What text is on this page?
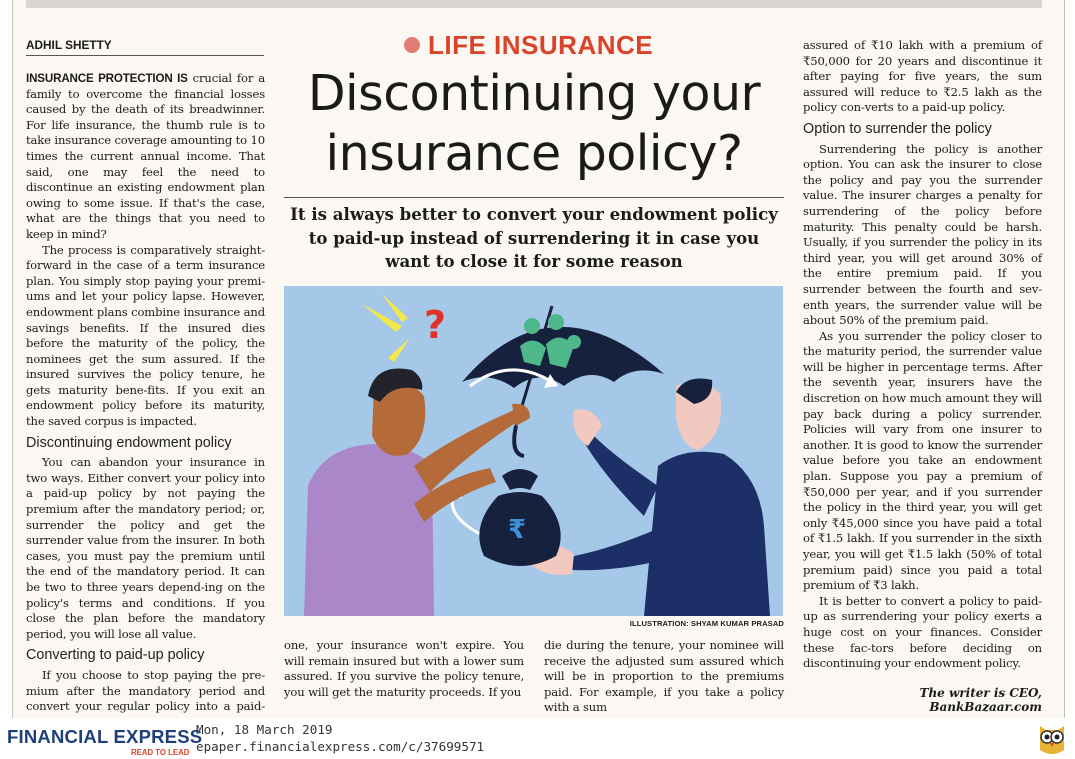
ADHIL SHETTY

INSURANCE PROTECTION IS crucial for a family to overcome the financial losses caused by the death of its breadwinner. For life insurance, the thumb rule is to take insurance coverage amounting to 10 times the current annual income. That said, one may feel the need to discontinue an existing endowment plan owing to some issue. If that's the case, what are the things that you need to keep in mind?

The process is comparatively straight-forward in the case of a term insurance plan. You simply stop paying your premi-ums and let your policy lapse. However, endowment plans combine insurance and savings benefits. If the insured dies before the maturity of the policy, the nominees get the sum assured. If the insured survives the policy tenure, he gets maturity bene-fits. If you exit an endowment policy before its maturity, the saved corpus is impacted.

Discontinuing endowment policy

You can abandon your insurance in two ways. Either convert your policy into a paid-up policy by not paying the premium after the mandatory period; or, surrender the policy and get the surrender value from the insurer. In both cases, you must pay the premium until the end of the mandatory period. It can be two to three years depend-ing on the policy's terms and conditions. If you close the plan before the mandatory period, you will lose all value.

Converting to paid-up policy

If you choose to stop paying the pre-mium after the mandatory period and convert your regular policy into a paid-

LIFE INSURANCE
Discontinuing your
insurance policy?
It is always better to convert your endowment policy to paid-up instead of surrendering it in case you want to close it for some reason
?
₹
ILLUSTRATION: SHYAM KUMAR PRASAD

one, your insurance won't expire. You will remain insured but with a lower sum assured. If you survive the policy tenure, you will get the maturity proceeds. If you

die during the tenure, your nominee will receive the adjusted sum assured which will be in proportion to the premiums paid. For example, if you take a policy with a sum

assured of ₹10 lakh with a premium of ₹50,000 for 20 years and discontinue it after paying for five years, the sum assured will reduce to ₹2.5 lakh as the policy con-verts to a paid-up policy.

Option to surrender the policy

Surrendering the policy is another option. You can ask the insurer to close the policy and pay you the surrender value. The insurer charges a penalty for surrendering of the policy before maturity. This penalty could be harsh. Usually, if you surrender the policy in its third year, you will get around 30% of the entire premium paid. If you surrender between the fourth and sev-enth years, the surrender value will be about 50% of the premium paid.

As you surrender the policy closer to the maturity period, the surrender value will be higher in percentage terms. After the seventh year, insurers have the discretion on how much amount they will pay back during a policy surrender. Policies will vary from one insurer to another. It is good to know the surrender value before you take an endowment plan. Suppose you pay a premium of ₹50,000 per year, and if you surrender the policy in the third year, you will get only ₹45,000 since you have paid a total of ₹1.5 lakh. If you surrender in the sixth year, you will get ₹1.5 lakh (50% of total premium paid) since you paid a total premium of ₹3 lakh.

It is better to convert a policy to paid-up as surrendering your policy exerts a huge cost on your finances. Consider these fac-tors before deciding on discontinuing your endowment policy.

The writer is CEO, BankBazaar.com
FINANCIAL EXPRESS
READ TO LEAD
Mon, 18 March 2019
epaper.financialexpress.com/c/37699571
